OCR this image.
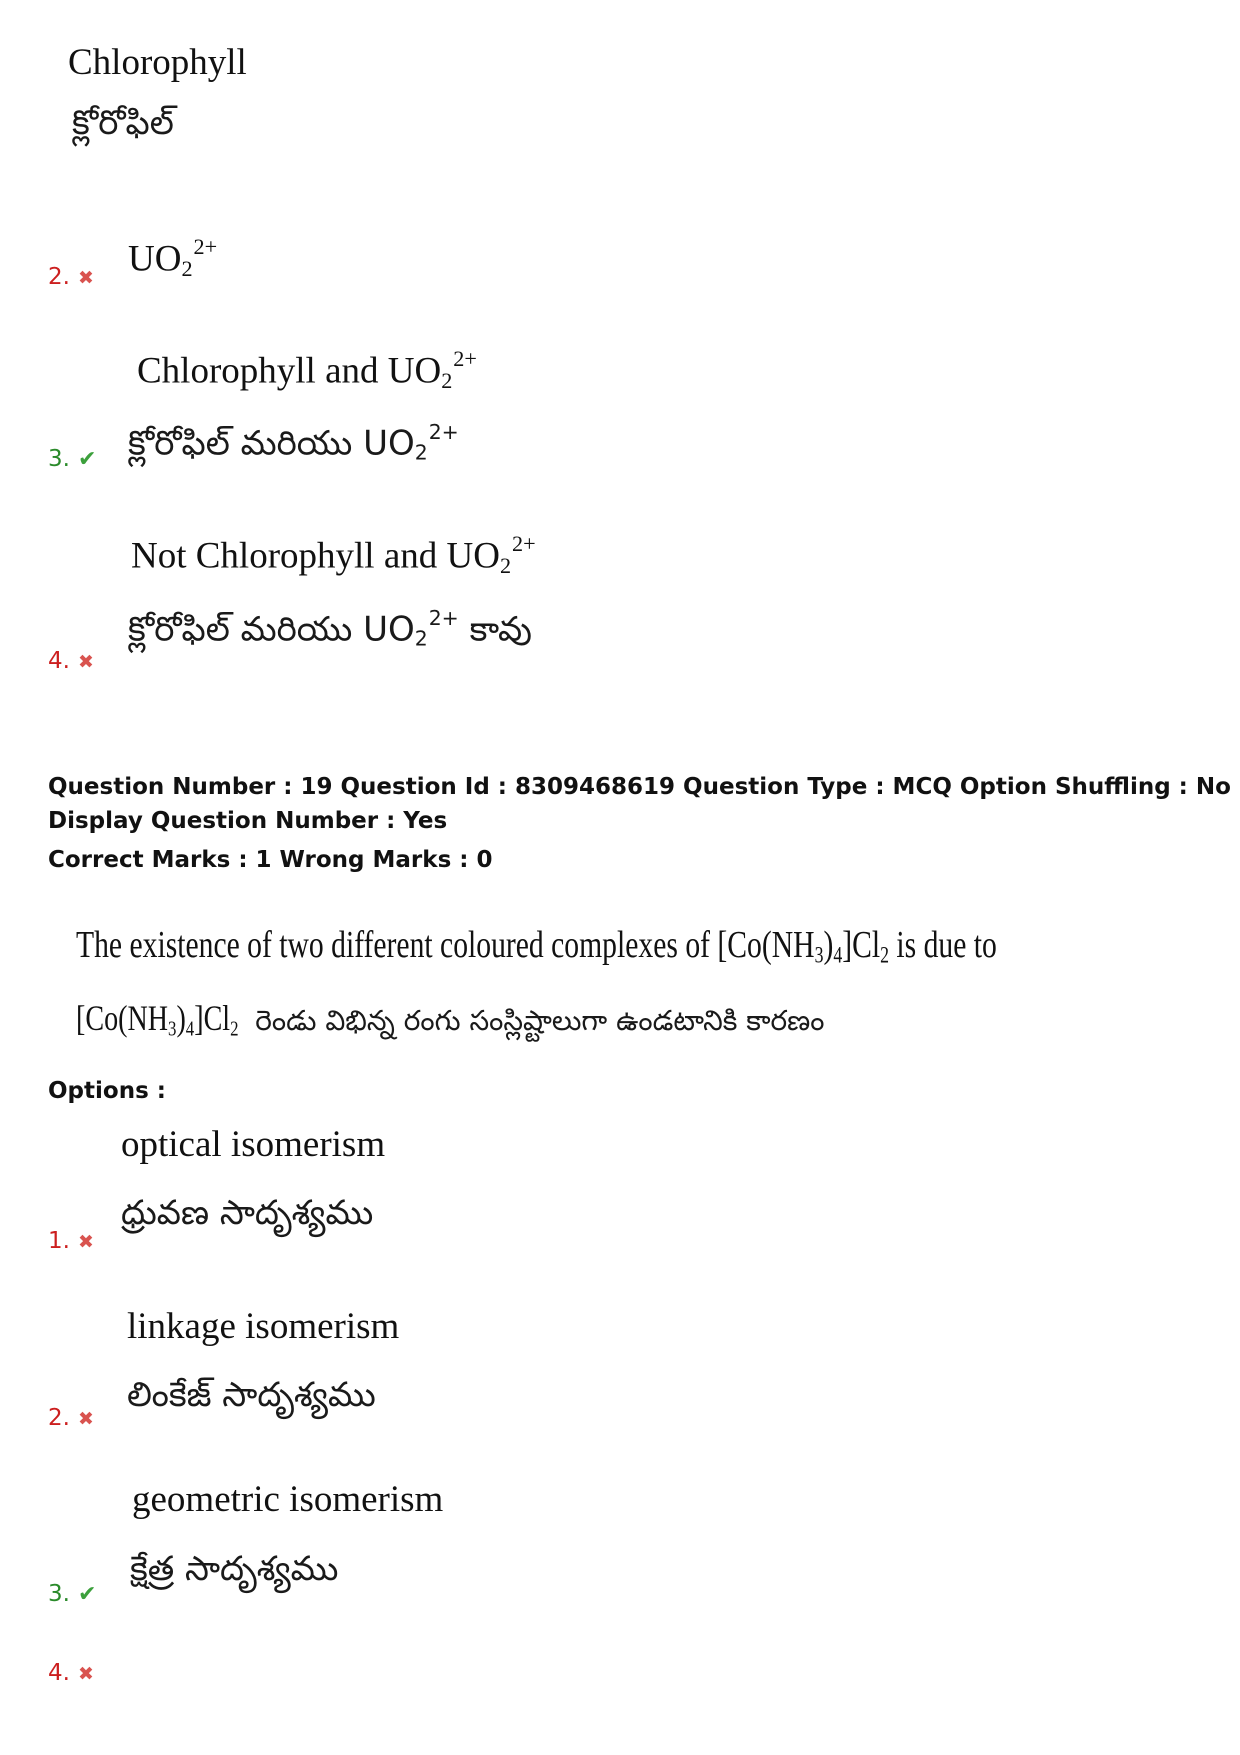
Chlorophyll
క్లోరోఫిల్
$UO_2^{2+}$
2. ✖
Chlorophyll and $UO_2^{2+}$
క్లోరోఫిల్ మరియు $UO_2^{2+}$
3. ✔
Not Chlorophyll and $UO_2^{2+}$
క్లోరోఫిల్ మరియు $UO_2^{2+}$ కావు
4. ✖
Question Number : 19 Question Id : 8309468619 Question Type : MCQ Option Shuffling : No
Display Question Number : Yes
Correct Marks : 1 Wrong Marks : 0
The existence of two different coloured complexes of $[Co(NH_3)_4]Cl_2$ is due to
$[Co(NH_3)_4]Cl_2$ రెండు విభిన్న రంగు సంస్లిష్టాలుగా ఉండటానికి కారణం
Options :
optical isomerism
ధ్రువణ సాదృశ్యము
1. ✖
linkage isomerism
లింకేజ్ సాదృశ్యము
2. ✖
geometric isomerism
క్షేత్ర సాదృశ్యము
3. ✔
4. ✖
